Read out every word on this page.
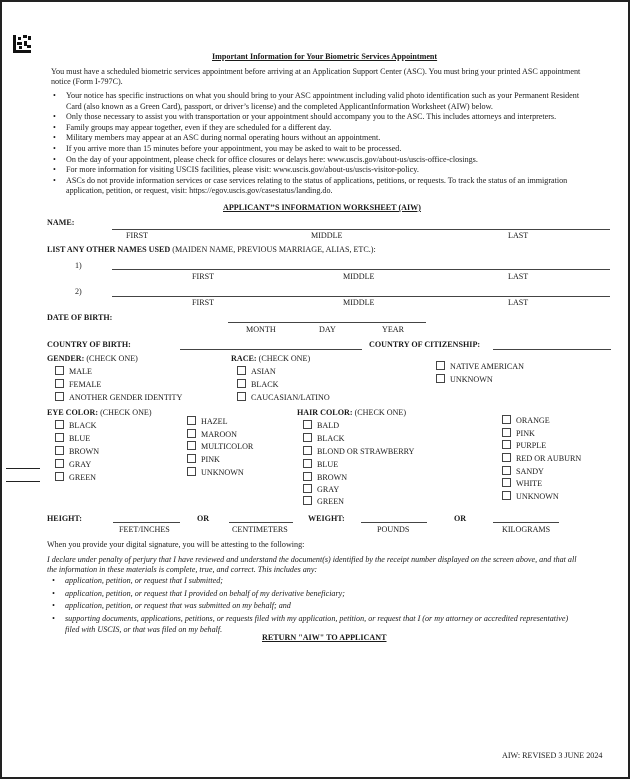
Important Information for Your Biometric Services Appointment
You must have a scheduled biometric services appointment before arriving at an Application Support Center (ASC). You must bring your printed ASC appointment
notice (Form I-797C).
• Your notice has specific instructions on what you should bring to your ASC appointment including valid photo identification such as your Permanent Resident
Card (also known as a Green Card), passport, or driver’s license) and the completed ApplicantInformation Worksheet (AIW) below.
• Only those necessary to assist you with transportation or your appointment should accompany you to the ASC. This includes attorneys and interpreters.
• Family groups may appear together, even if they are scheduled for a different day.
• Military members may appear at an ASC during normal operating hours without an appointment.
• If you arrive more than 15 minutes before your appointment, you may be asked to wait to be processed.
• On the day of your appointment, please check for office closures or delays here: www.uscis.gov/about-us/uscis-office-closings.
• For more information for visiting USCIS facilities, please visit: www.uscis.gov/about-us/uscis-visitor-policy.
• ASCs do not provide information services or case services relating to the status of applications, petitions, or requests. To track the status of an immigration
application, petition, or request, visit: https://egov.uscis.gov/casestatus/landing.do.
APPLICANT’’S INFORMATION WORKSHEET (AIW)
NAME:
FIRST	MIDDLE	LAST
LIST ANY OTHER NAMES USED (MAIDEN NAME, PREVIOUS MARRIAGE, ALIAS, ETC.):
1)
FIRST	MIDDLE	LAST
2)
FIRST	MIDDLE	LAST
DATE OF BIRTH:
MONTH	DAY	YEAR
COUNTRY OF BIRTH:	COUNTRY OF CITIZENSHIP:
GENDER: (CHECK ONE)
MALE
FEMALE
ANOTHER GENDER IDENTITY
RACE: (CHECK ONE)
ASIAN
BLACK
CAUCASIAN/LATINO
NATIVE AMERICAN
UNKNOWN
EYE COLOR: (CHECK ONE)
BLACK
BLUE
BROWN
GRAY
GREEN
HAZEL
MAROON
MULTICOLOR
PINK
UNKNOWN
HAIR COLOR: (CHECK ONE)
BALD
BLACK
BLOND OR STRAWBERRY
BLUE
BROWN
GRAY
GREEN
ORANGE
PINK
PURPLE
RED OR AUBURN
SANDY
WHITE
UNKNOWN
HEIGHT:
FEET/INCHES
OR
CENTIMETERS
WEIGHT:
POUNDS
OR
KILOGRAMS
When you provide your digital signature, you will be attesting to the following:
I declare under penalty of perjury that I have reviewed and understand the document(s) identified by the receipt number displayed on the screen above, and that all
the information in these materials is complete, true, and correct. This includes any:
• application, petition, or request that I submitted;
• application, petition, or request that I provided on behalf of my derivative beneficiary;
• application, petition, or request that was submitted on my behalf; and
• supporting documents, applications, petitions, or requests filed with my application, petition, or request that I (or my attorney or accredited representative)
filed with USCIS, or that was filed on my behalf.
RETURN "AIW" TO APPLICANT
AIW: REVISED 3 JUNE 2024
